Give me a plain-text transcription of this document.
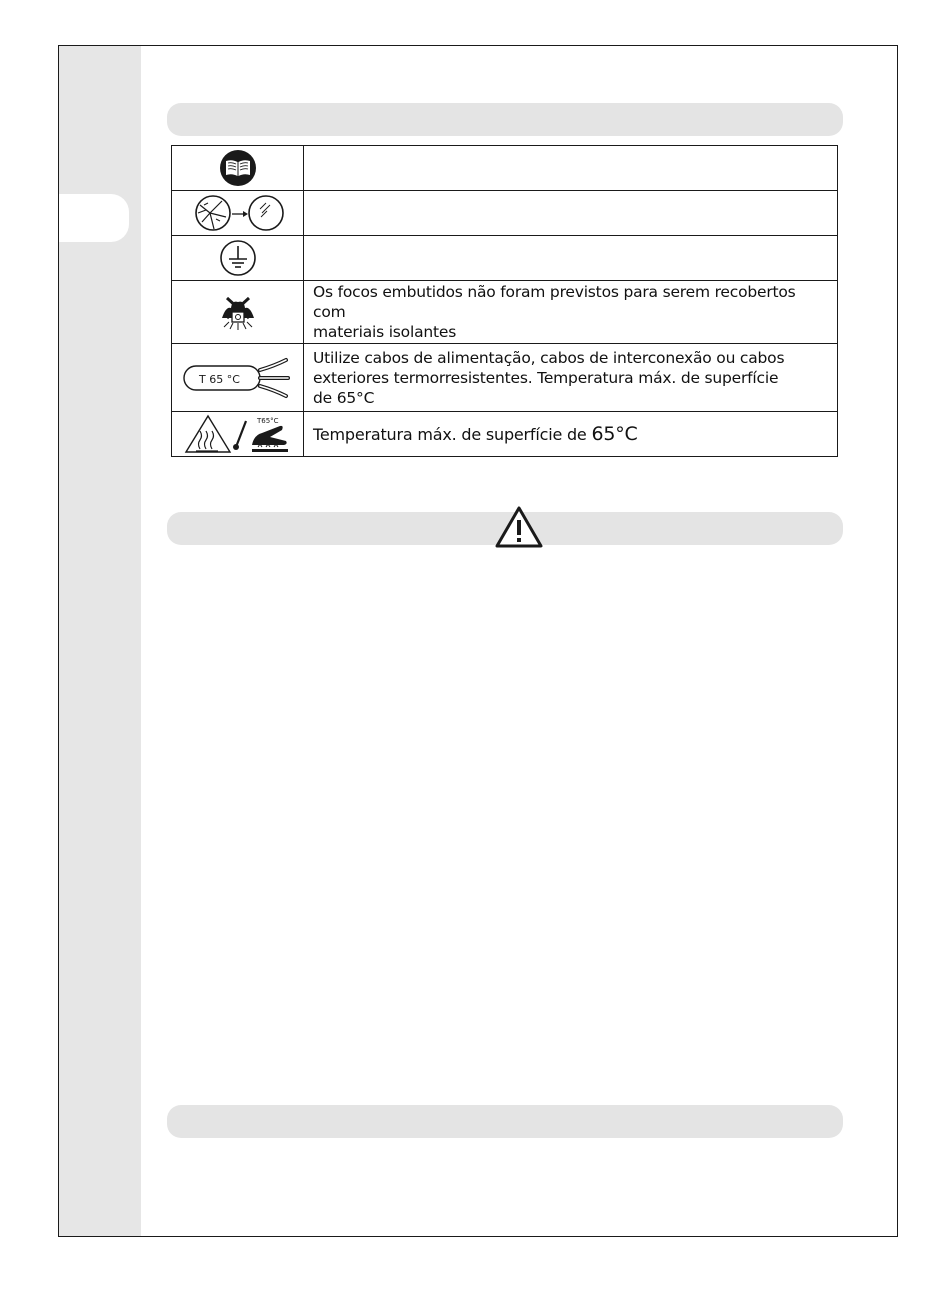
Os focos embutidos não foram previstos para serem recobertos com
materiais isolantes

T 65 °C	Utilize cabos de alimentação, cabos de interconexão ou cabos
exteriores termorresistentes. Temperatura máx. de superfície
de 65°C

T65°C	Temperatura máx. de superfície de 65°C
